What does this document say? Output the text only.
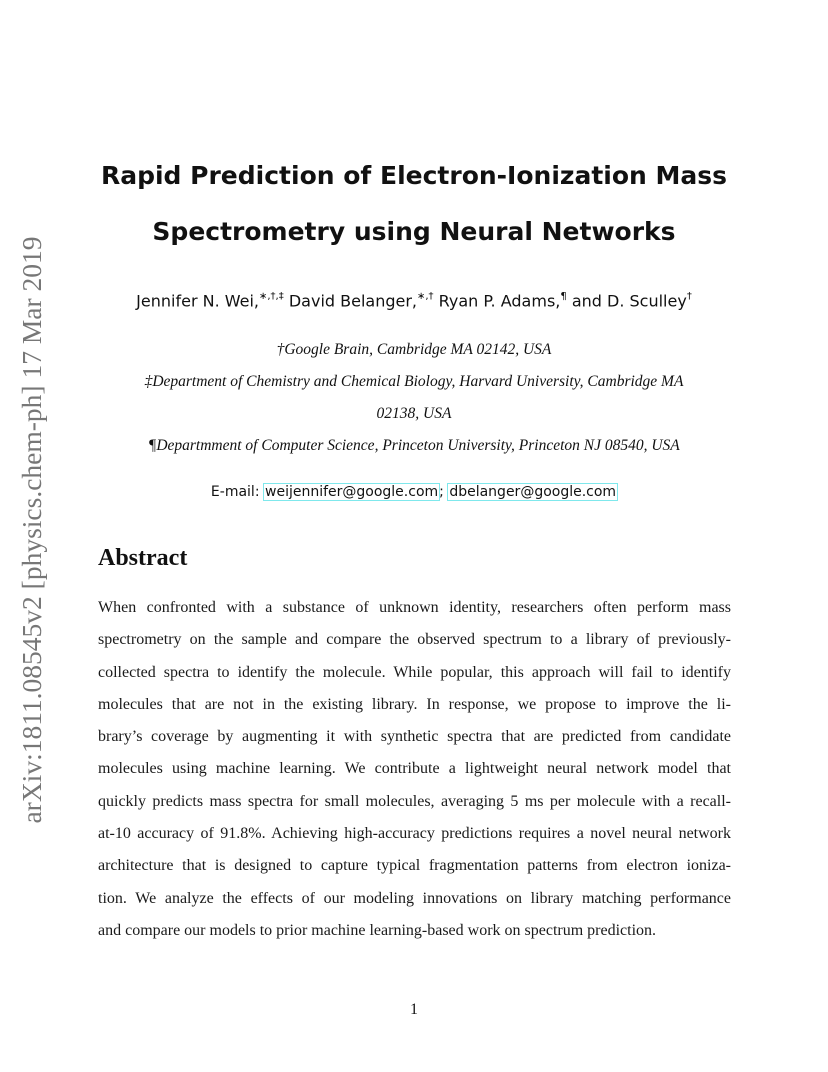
arXiv:1811.08545v2 [physics.chem-ph] 17 Mar 2019
Rapid Prediction of Electron-Ionization Mass
Spectrometry using Neural Networks
Jennifer N. Wei,∗,†,‡ David Belanger,∗,† Ryan P. Adams,¶ and D. Sculley†
†Google Brain, Cambridge MA 02142, USA
‡Department of Chemistry and Chemical Biology, Harvard University, Cambridge MA
02138, USA
¶Departmment of Computer Science, Princeton University, Princeton NJ 08540, USA
E-mail: weijennifer@google.com; dbelanger@google.com
Abstract
When confronted with a substance of unknown identity, researchers often perform mass
spectrometry on the sample and compare the observed spectrum to a library of previously-
collected spectra to identify the molecule. While popular, this approach will fail to identify
molecules that are not in the existing library. In response, we propose to improve the li-
brary’s coverage by augmenting it with synthetic spectra that are predicted from candidate
molecules using machine learning. We contribute a lightweight neural network model that
quickly predicts mass spectra for small molecules, averaging 5 ms per molecule with a recall-
at-10 accuracy of 91.8%. Achieving high-accuracy predictions requires a novel neural network
architecture that is designed to capture typical fragmentation patterns from electron ioniza-
tion. We analyze the effects of our modeling innovations on library matching performance
and compare our models to prior machine learning-based work on spectrum prediction.
1
